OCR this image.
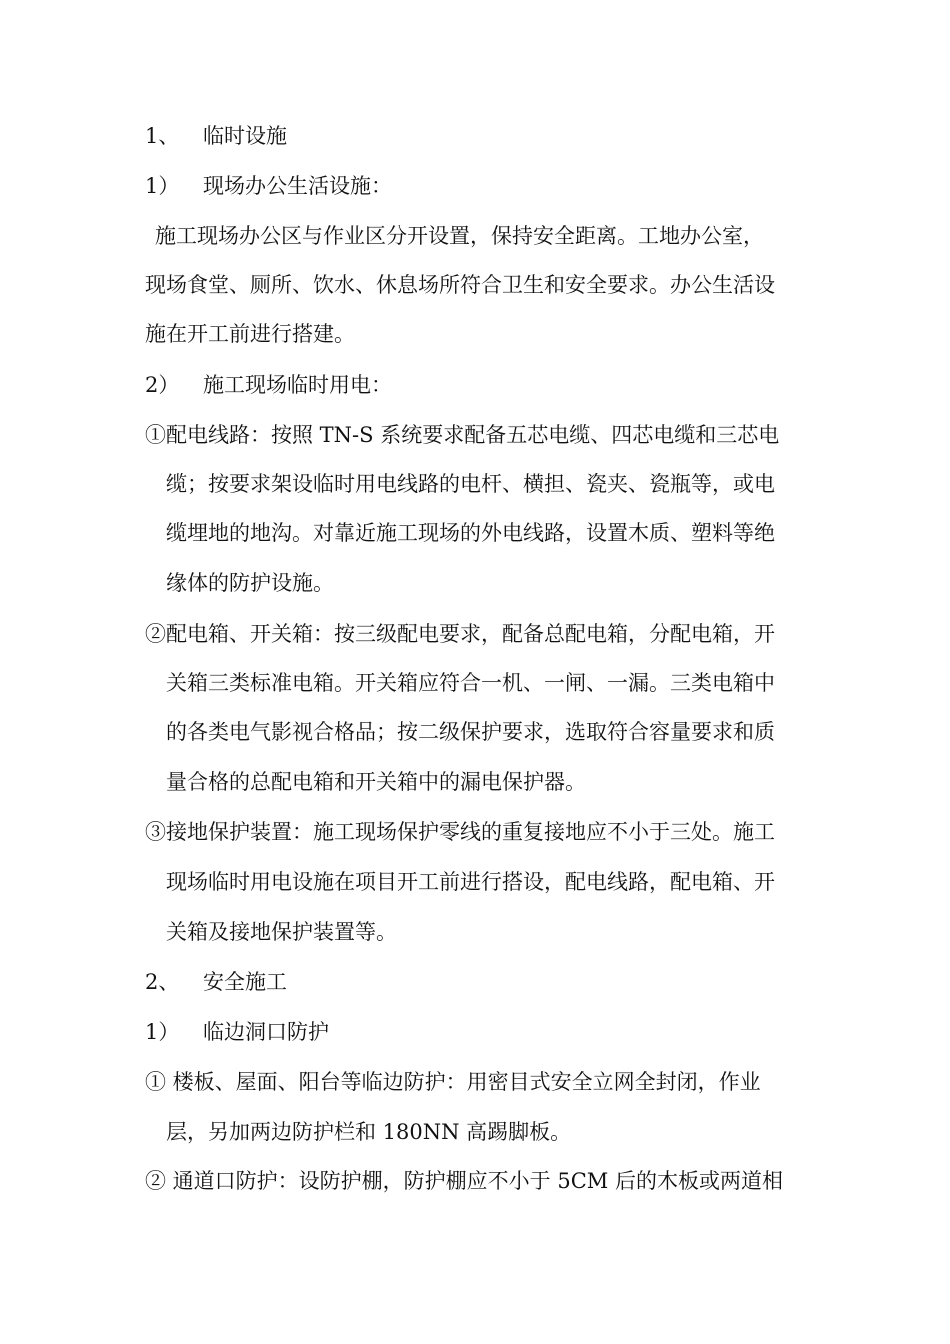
1、 临时设施
1） 现场办公生活设施：
施工现场办公区与作业区分开设置，保持安全距离。工地办公室，
现场食堂、厕所、饮水、休息场所符合卫生和安全要求。办公生活设
施在开工前进行搭建。
2） 施工现场临时用电：
①配电线路：按照 TN-S 系统要求配备五芯电缆、四芯电缆和三芯电
缆；按要求架设临时用电线路的电杆、横担、瓷夹、瓷瓶等，或电
缆埋地的地沟。对靠近施工现场的外电线路，设置木质、塑料等绝
缘体的防护设施。
②配电箱、开关箱：按三级配电要求，配备总配电箱，分配电箱，开
关箱三类标准电箱。开关箱应符合一机、一闸、一漏。三类电箱中
的各类电气影视合格品；按二级保护要求，选取符合容量要求和质
量合格的总配电箱和开关箱中的漏电保护器。
③接地保护装置：施工现场保护零线的重复接地应不小于三处。施工
现场临时用电设施在项目开工前进行搭设，配电线路，配电箱、开
关箱及接地保护装置等。
2、 安全施工
1） 临边洞口防护
① 楼板、屋面、阳台等临边防护：用密目式安全立网全封闭，作业
层，另加两边防护栏和 180NN 高踢脚板。
② 通道口防护：设防护棚，防护棚应不小于 5CM 后的木板或两道相
